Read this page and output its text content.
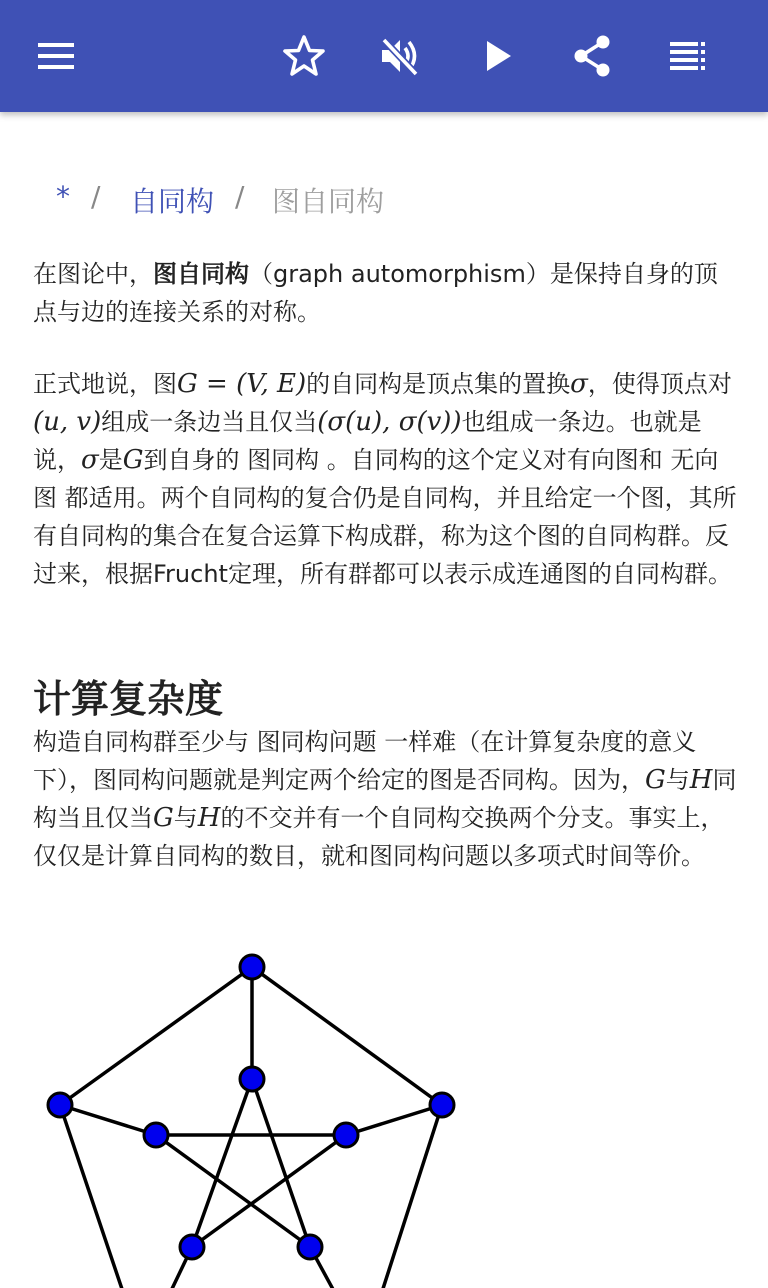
* / 自同构 / 图自同构
在图论中，图自同构（graph automorphism）是保持自身的顶点与边的连接关系的对称。
正式地说，图G = (V, E)的自同构是顶点集的置换σ，使得顶点对(u, v)组成一条边当且仅当(σ(u), σ(v))也组成一条边。也就是说，σ是G到自身的 图同构 。自同构的这个定义对有向图和 无向图 都适用。两个自同构的复合仍是自同构，并且给定一个图，其所有自同构的集合在复合运算下构成群，称为这个图的自同构群。反过来，根据Frucht定理，所有群都可以表示成连通图的自同构群。
计算复杂度
构造自同构群至少与 图同构问题 一样难（在计算复杂度的意义下），图同构问题就是判定两个给定的图是否同构。因为，G与H同构当且仅当G与H的不交并有一个自同构交换两个分支。事实上，仅仅是计算自同构的数目，就和图同构问题以多项式时间等价。
